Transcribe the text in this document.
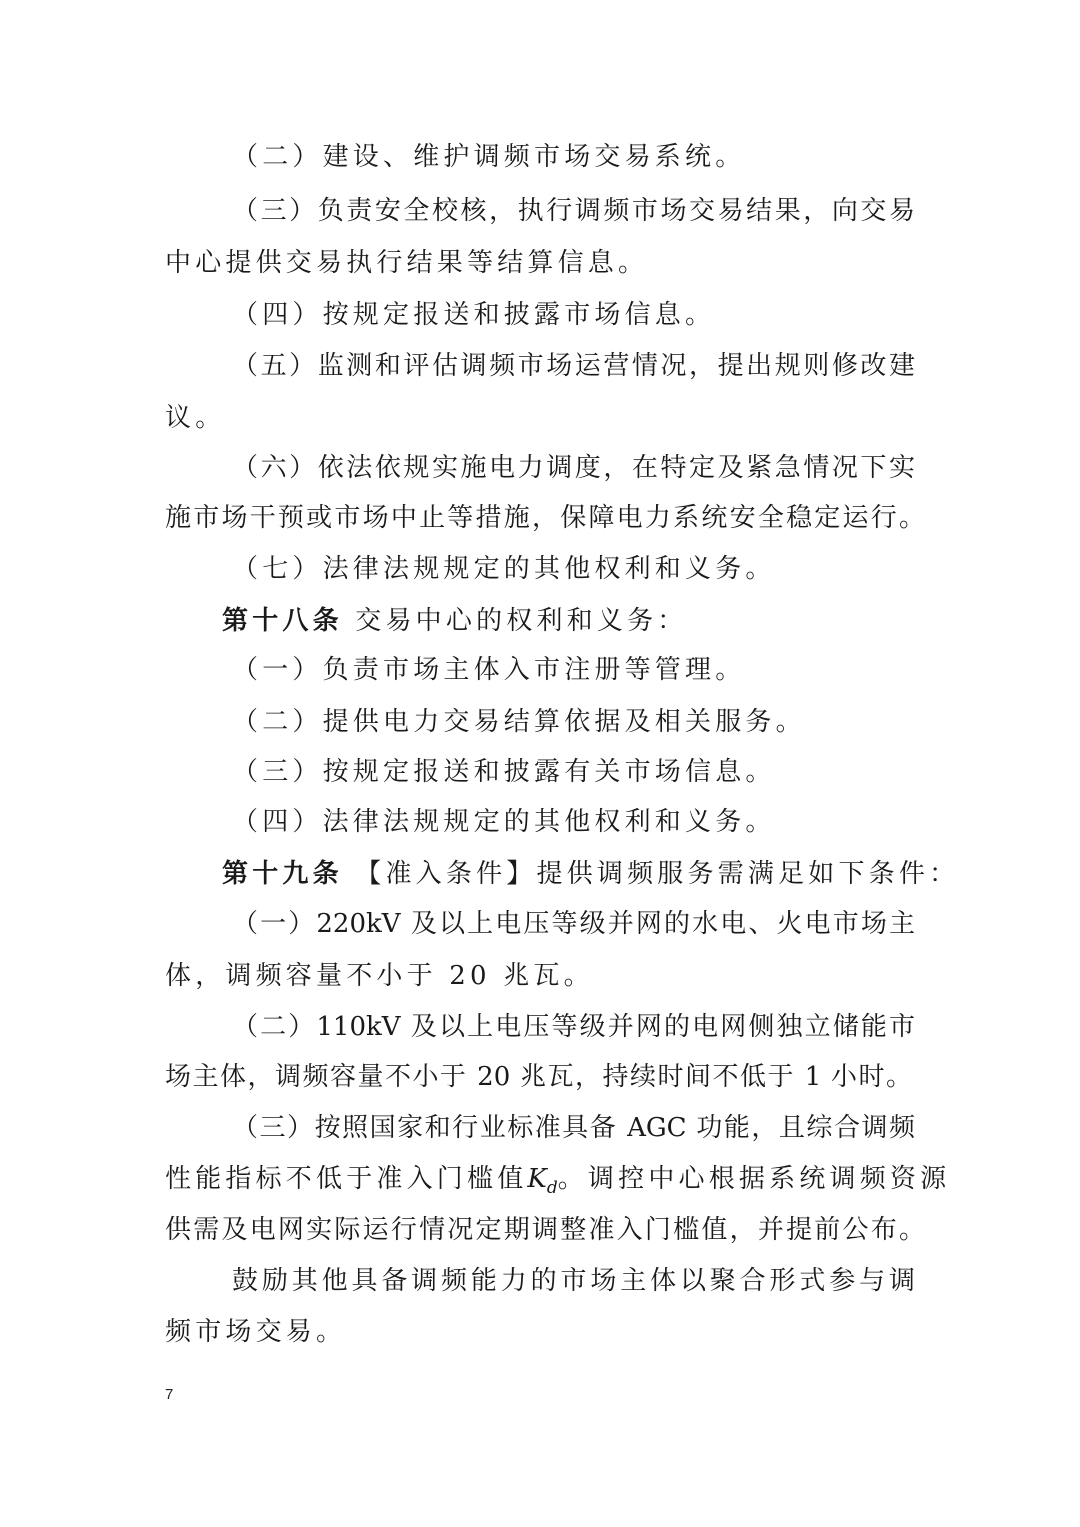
（二）建设、维护调频市场交易系统。
（三）负责安全校核，执行调频市场交易结果，向交易
中心提供交易执行结果等结算信息。
（四）按规定报送和披露市场信息。
（五）监测和评估调频市场运营情况，提出规则修改建
议。
（六）依法依规实施电力调度，在特定及紧急情况下实
施市场干预或市场中止等措施，保障电力系统安全稳定运行。
（七）法律法规规定的其他权利和义务。
第十八条 交易中心的权利和义务：
（一）负责市场主体入市注册等管理。
（二）提供电力交易结算依据及相关服务。
（三）按规定报送和披露有关市场信息。
（四）法律法规规定的其他权利和义务。
第十九条 【准入条件】提供调频服务需满足如下条件：
（一）220kV 及以上电压等级并网的水电、火电市场主
体，调频容量不小于 20 兆瓦。
（二）110kV 及以上电压等级并网的电网侧独立储能市
场主体，调频容量不小于 20 兆瓦，持续时间不低于 1 小时。
（三）按照国家和行业标准具备 AGC 功能，且综合调频
性能指标不低于准入门槛值$K_d$。调控中心根据系统调频资源
供需及电网实际运行情况定期调整准入门槛值，并提前公布。
鼓励其他具备调频能力的市场主体以聚合形式参与调
频市场交易。
7
